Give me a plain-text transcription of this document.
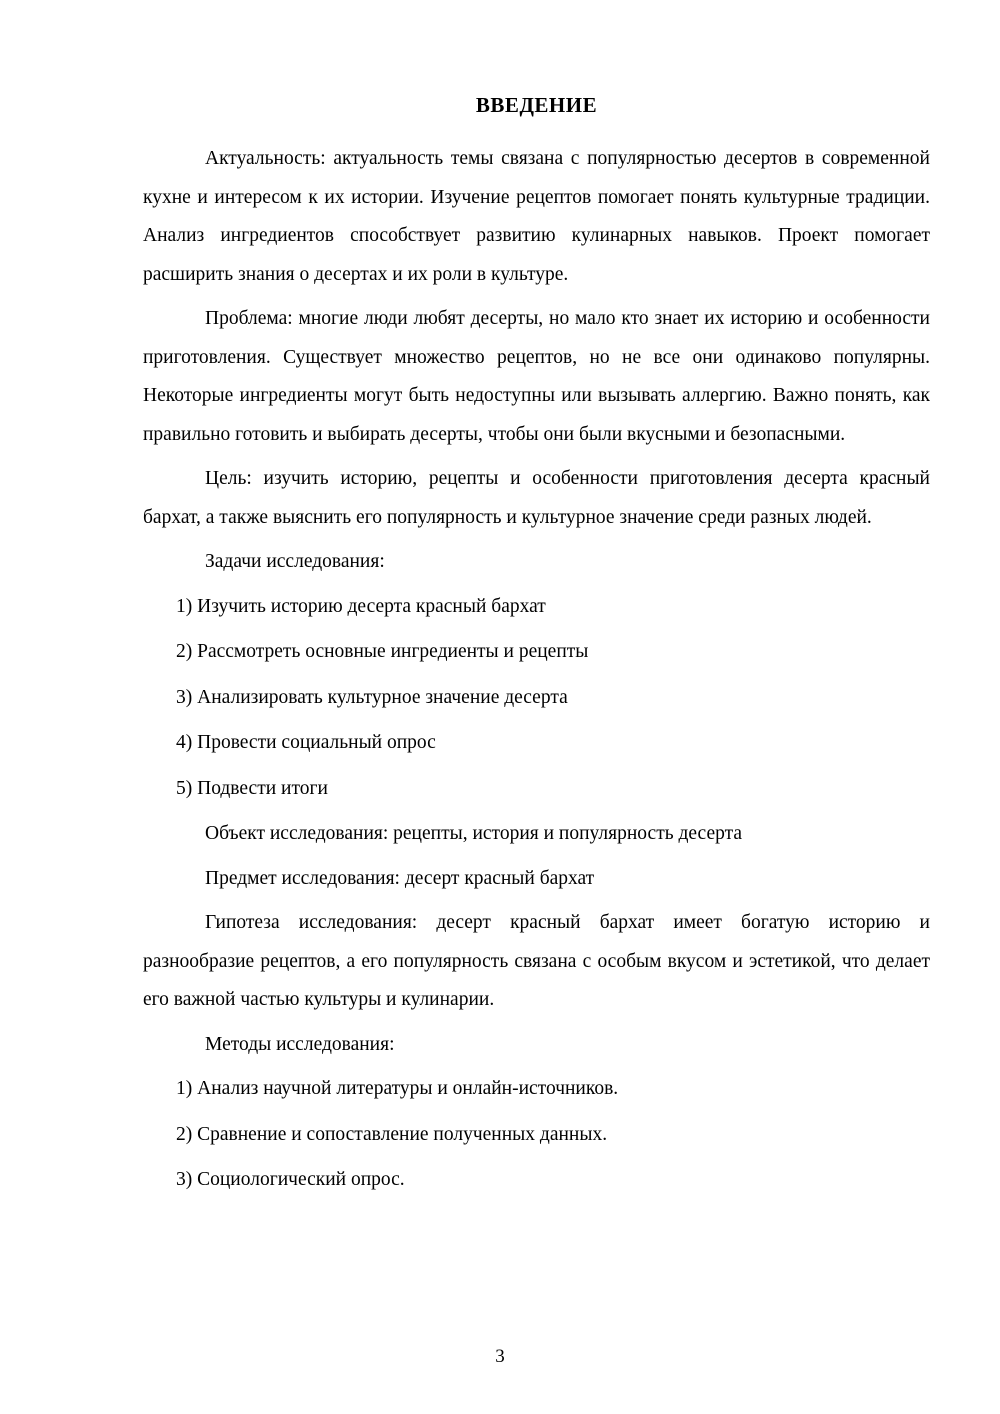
ВВЕДЕНИЕ

Актуальность: актуальность темы связана с популярностью десертов в современной кухне и интересом к их истории. Изучение рецептов помогает понять культурные традиции. Анализ ингредиентов способствует развитию кулинарных навыков. Проект помогает расширить знания о десертах и их роли в культуре.

Проблема: многие люди любят десерты, но мало кто знает их историю и особенности приготовления. Существует множество рецептов, но не все они одинаково популярны. Некоторые ингредиенты могут быть недоступны или вызывать аллергию. Важно понять, как правильно готовить и выбирать десерты, чтобы они были вкусными и безопасными.

Цель: изучить историю, рецепты и особенности приготовления десерта красный бархат, а также выяснить его популярность и культурное значение среди разных людей.

Задачи исследования:

1) Изучить историю десерта красный бархат

2) Рассмотреть основные ингредиенты и рецепты

3) Анализировать культурное значение десерта

4) Провести социальный опрос

5) Подвести итоги

Объект исследования: рецепты, история и популярность десерта

Предмет исследования: десерт красный бархат

Гипотеза исследования: десерт красный бархат имеет богатую историю и разнообразие рецептов, а его популярность связана с особым вкусом и эстетикой, что делает его важной частью культуры и кулинарии.

Методы исследования:

1) Анализ научной литературы и онлайн-источников.

2) Сравнение и сопоставление полученных данных.

3) Социологический опрос.

3
